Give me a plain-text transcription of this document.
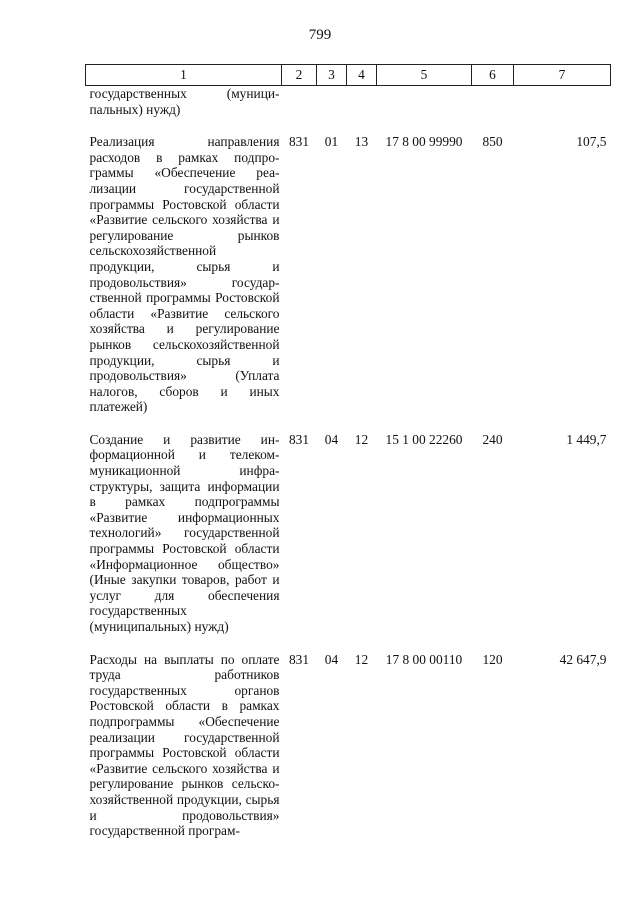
799
1	2	3	4	5	6	7
государственных (муниципальных) нужд)						

Реализация направления расходов в рамках подпрограммы «Обеспечение реализации государственной программы Ростовской области «Развитие сельского хозяйства и регулирование рынков сельскохозяйственной продукции, сырья и продовольствия» государственной программы Ростовской области «Развитие сельского хозяйства и регулирование рынков сельскохозяйственной продукции, сырья и продовольствия» (Уплата налогов, сборов и иных платежей)	831	01	13	17 8 00 99990	850	107,5

Создание и развитие информационной и телекоммуникационной инфраструктуры, защита информации в рамках подпрограммы «Развитие информационных технологий» государственной программы Ростовской области «Информационное общество» (Иные закупки товаров, работ и услуг для обеспечения государственных (муниципальных) нужд)	831	04	12	15 1 00 22260	240	1 449,7

Расходы на выплаты по оплате труда работников государственных органов Ростовской области в рамках подпрограммы «Обеспечение реализации государственной программы Ростовской области «Развитие сельского хозяйства и регулирование рынков сельскохозяйственной продукции, сырья и продовольствия» государственной програм-	831	04	12	17 8 00 00110	120	42 647,9
